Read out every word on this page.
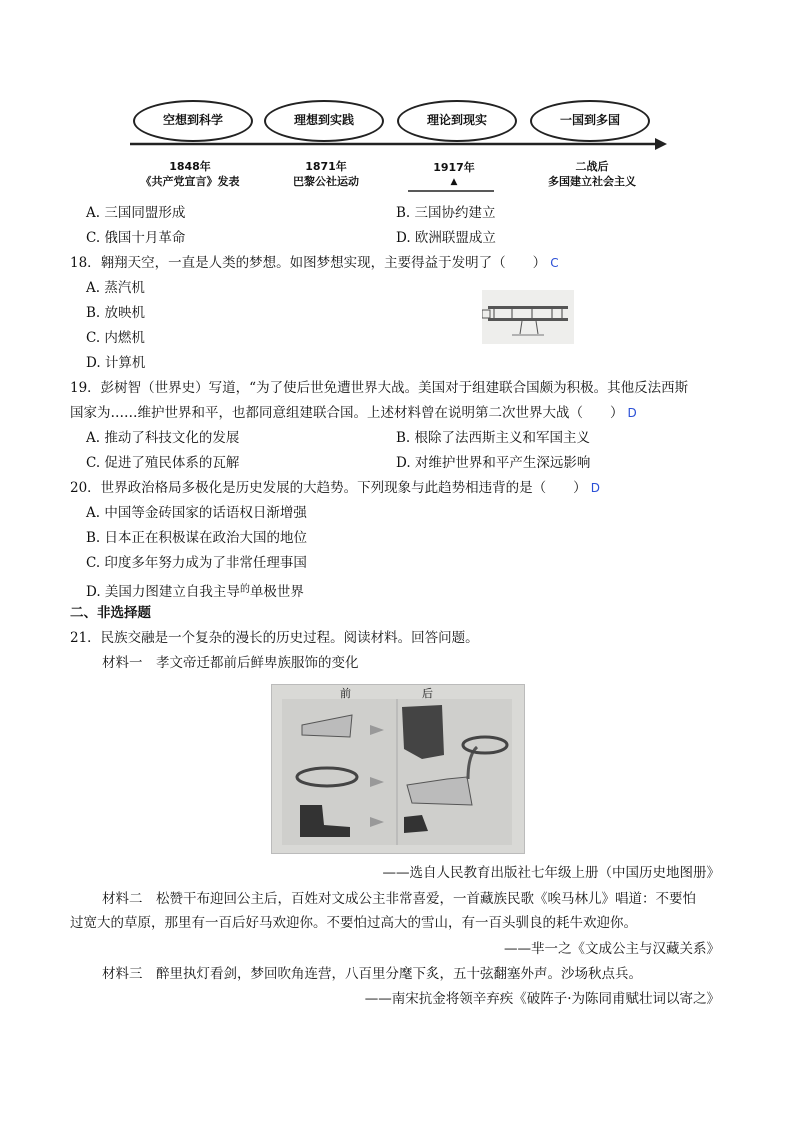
空想到科学	理想到实践	理论到现实	一国到多国
1848年
《共产党宣言》发表
1871年
巴黎公社运动
1917年
▲
二战后
多国建立社会主义
A. 三国同盟形成	B. 三国协约建立
C. 俄国十月革命	D. 欧洲联盟成立
18．翱翔天空，一直是人类的梦想。如图梦想实现，主要得益于发明了（　　） C
A. 蒸汽机
B. 放映机
C. 内燃机
D. 计算机
19．彭树智（世界史）写道，“为了使后世免遭世界大战。美国对于组建联合国颇为积极。其他反法西斯
国家为……维护世界和平，也都同意组建联合国。上述材料曾在说明第二次世界大战（　　） D
A. 推动了科技文化的发展	B. 根除了法西斯主义和军国主义
C. 促进了殖民体系的瓦解	D. 对维护世界和平产生深远影响
20．世界政治格局多极化是历史发展的大趋势。下列现象与此趋势相违背的是（　　） D
A. 中国等金砖国家的话语权日渐增强
B. 日本正在积极谋在政治大国的地位
C. 印度多年努力成为了非常任理事国
D. 美国力图建立自我主导$^的$单极世界
二、非选择题
21．民族交融是一个复杂的漫长的历史过程。阅读材料。回答问题。
材料一　孝文帝迁都前后鲜卑族服饰的变化
前	后
——选自人民教育出版社七年级上册（中国历史地图册》
材料二　松赞干布迎回公主后，百姓对文成公主非常喜爱，一首藏族民歌《唉马林儿》唱道：不要怕
过宽大的草原，那里有一百后好马欢迎你。不要怕过高大的雪山，有一百头驯良的耗牛欢迎你。
——芈一之《文成公主与汉藏关系》
材料三　醉里执灯看剑，梦回吹角连营，八百里分麾下炙，五十弦翻塞外声。沙场秋点兵。
——南宋抗金将领辛弃疾《破阵子·为陈同甫赋壮词以寄之》
